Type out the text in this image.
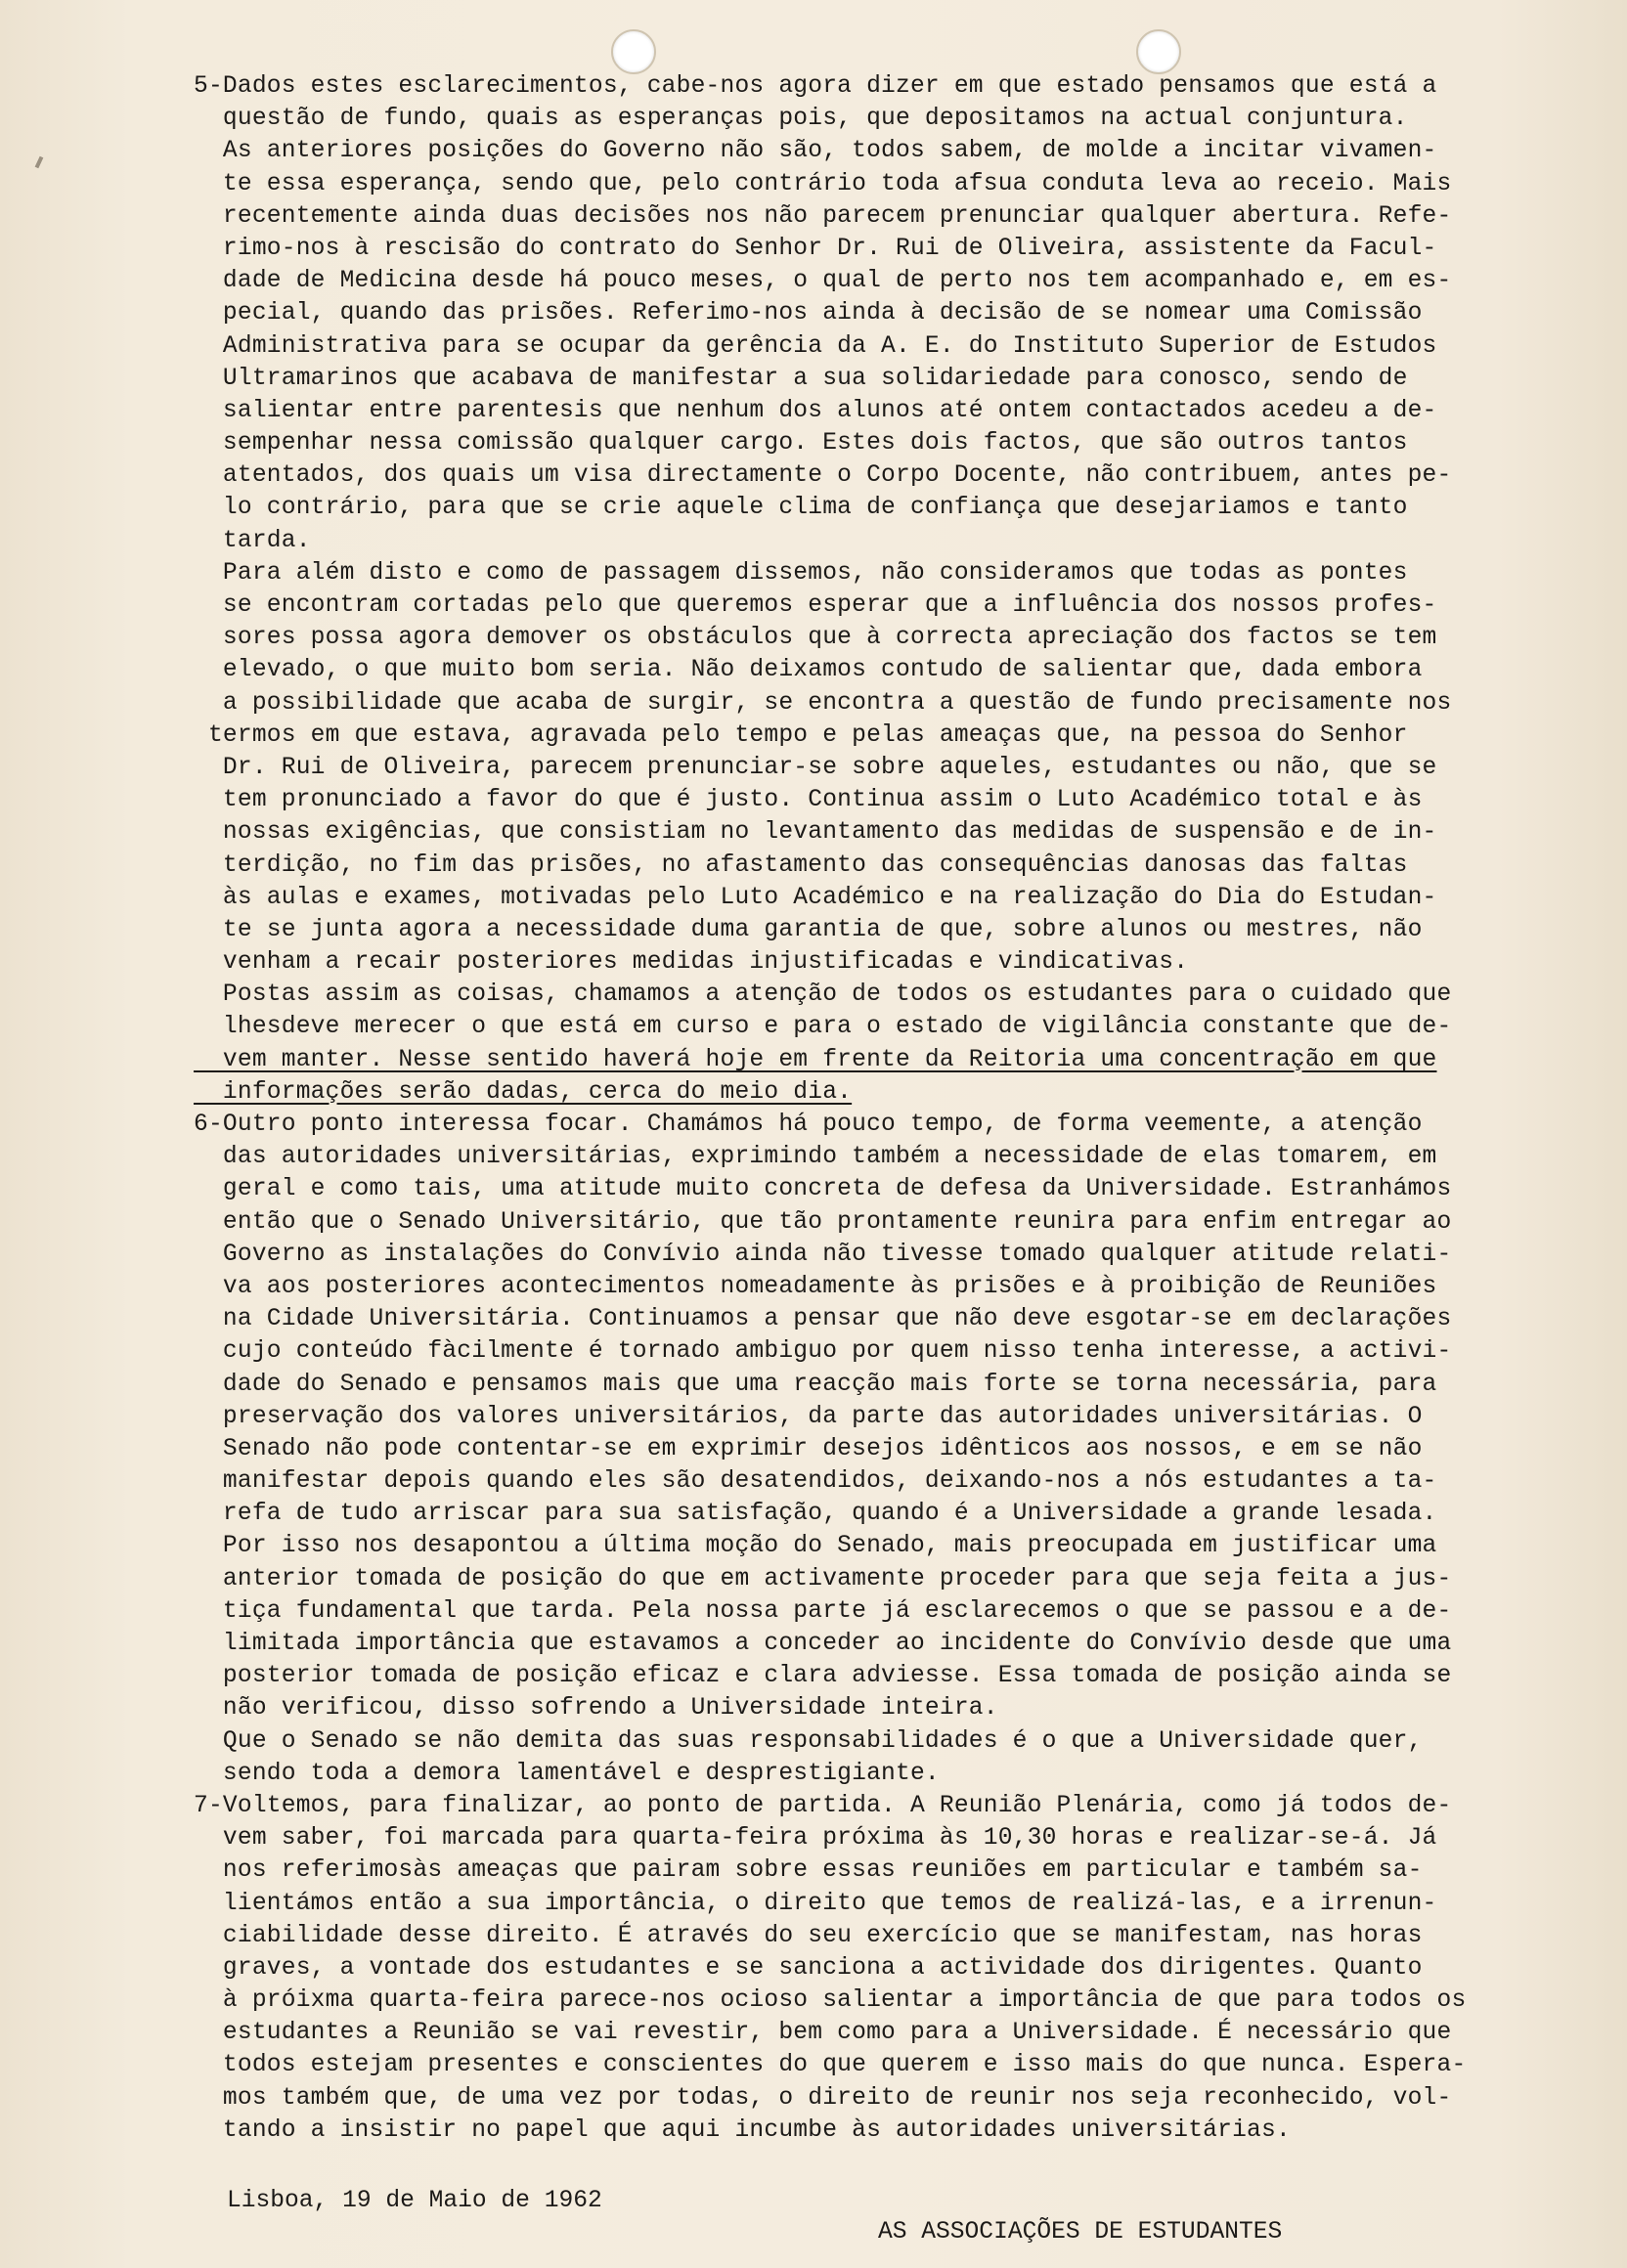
5-Dados estes esclarecimentos, cabe-nos agora dizer em que estado pensamos que está a
questão de fundo, quais as esperanças pois, que depositamos na actual conjuntura.
As anteriores posições do Governo não são, todos sabem, de molde a incitar vivamen-
te essa esperança, sendo que, pelo contrário toda afsua conduta leva ao receio. Mais
recentemente ainda duas decisões nos não parecem prenunciar qualquer abertura. Refe-
rimo-nos à rescisão do contrato do Senhor Dr. Rui de Oliveira, assistente da Facul-
dade de Medicina desde há pouco meses, o qual de perto nos tem acompanhado e, em es-
pecial, quando das prisões. Referimo-nos ainda à decisão de se nomear uma Comissão
Administrativa para se ocupar da gerência da A. E. do Instituto Superior de Estudos
Ultramarinos que acabava de manifestar a sua solidariedade para conosco, sendo de
salientar entre parentesis que nenhum dos alunos até ontem contactados acedeu a de-
sempenhar nessa comissão qualquer cargo. Estes dois factos, que são outros tantos
atentados, dos quais um visa directamente o Corpo Docente, não contribuem, antes pe-
lo contrário, para que se crie aquele clima de confiança que desejariamos e tanto
tarda.
Para além disto e como de passagem dissemos, não consideramos que todas as pontes
se encontram cortadas pelo que queremos esperar que a influência dos nossos profes-
sores possa agora demover os obstáculos que à correcta apreciação dos factos se tem
elevado, o que muito bom seria. Não deixamos contudo de salientar que, dada embora
a possibilidade que acaba de surgir, se encontra a questão de fundo precisamente nos
termos em que estava, agravada pelo tempo e pelas ameaças que, na pessoa do Senhor
Dr. Rui de Oliveira, parecem prenunciar-se sobre aqueles, estudantes ou não, que se
tem pronunciado a favor do que é justo. Continua assim o Luto Académico total e às
nossas exigências, que consistiam no levantamento das medidas de suspensão e de in-
terdição, no fim das prisões, no afastamento das consequências danosas das faltas
às aulas e exames, motivadas pelo Luto Académico e na realização do Dia do Estudan-
te se junta agora a necessidade duma garantia de que, sobre alunos ou mestres, não
venham a recair posteriores medidas injustificadas e vindicativas.
Postas assim as coisas, chamamos a atenção de todos os estudantes para o cuidado que
lhesdeve merecer o que está em curso e para o estado de vigilância constante que de-
vem manter. Nesse sentido haverá hoje em frente da Reitoria uma concentração em que
informações serão dadas, cerca do meio dia.
6-Outro ponto interessa focar. Chamámos há pouco tempo, de forma veemente, a atenção
das autoridades universitárias, exprimindo também a necessidade de elas tomarem, em
geral e como tais, uma atitude muito concreta de defesa da Universidade. Estranhámos
então que o Senado Universitário, que tão prontamente reunira para enfim entregar ao
Governo as instalações do Convívio ainda não tivesse tomado qualquer atitude relati-
va aos posteriores acontecimentos nomeadamente às prisões e à proibição de Reuniões
na Cidade Universitária. Continuamos a pensar que não deve esgotar-se em declarações
cujo conteúdo fàcilmente é tornado ambiguo por quem nisso tenha interesse, a activi-
dade do Senado e pensamos mais que uma reacção mais forte se torna necessária, para
preservação dos valores universitários, da parte das autoridades universitárias. O
Senado não pode contentar-se em exprimir desejos idênticos aos nossos, e em se não
manifestar depois quando eles são desatendidos, deixando-nos a nós estudantes a ta-
refa de tudo arriscar para sua satisfação, quando é a Universidade a grande lesada.
Por isso nos desapontou a última moção do Senado, mais preocupada em justificar uma
anterior tomada de posição do que em activamente proceder para que seja feita a jus-
tiça fundamental que tarda. Pela nossa parte já esclarecemos o que se passou e a de-
limitada importância que estavamos a conceder ao incidente do Convívio desde que uma
posterior tomada de posição eficaz e clara adviesse. Essa tomada de posição ainda se
não verificou, disso sofrendo a Universidade inteira.
Que o Senado se não demita das suas responsabilidades é o que a Universidade quer,
sendo toda a demora lamentável e desprestigiante.
7-Voltemos, para finalizar, ao ponto de partida. A Reunião Plenária, como já todos de-
vem saber, foi marcada para quarta-feira próxima às 10,30 horas e realizar-se-á. Já
nos referimosàs ameaças que pairam sobre essas reuniões em particular e também sa-
lientámos então a sua importância, o direito que temos de realizá-las, e a irrenun-
ciabilidade desse direito. É através do seu exercício que se manifestam, nas horas
graves, a vontade dos estudantes e se sanciona a actividade dos dirigentes. Quanto
à próixma quarta-feira parece-nos ocioso salientar a importância de que para todos os
estudantes a Reunião se vai revestir, bem como para a Universidade. É necessário que
todos estejam presentes e conscientes do que querem e isso mais do que nunca. Espera-
mos também que, de uma vez por todas, o direito de reunir nos seja reconhecido, vol-
tando a insistir no papel que aqui incumbe às autoridades universitárias.
Lisboa, 19 de Maio de 1962
AS ASSOCIAÇÕES DE ESTUDANTES
